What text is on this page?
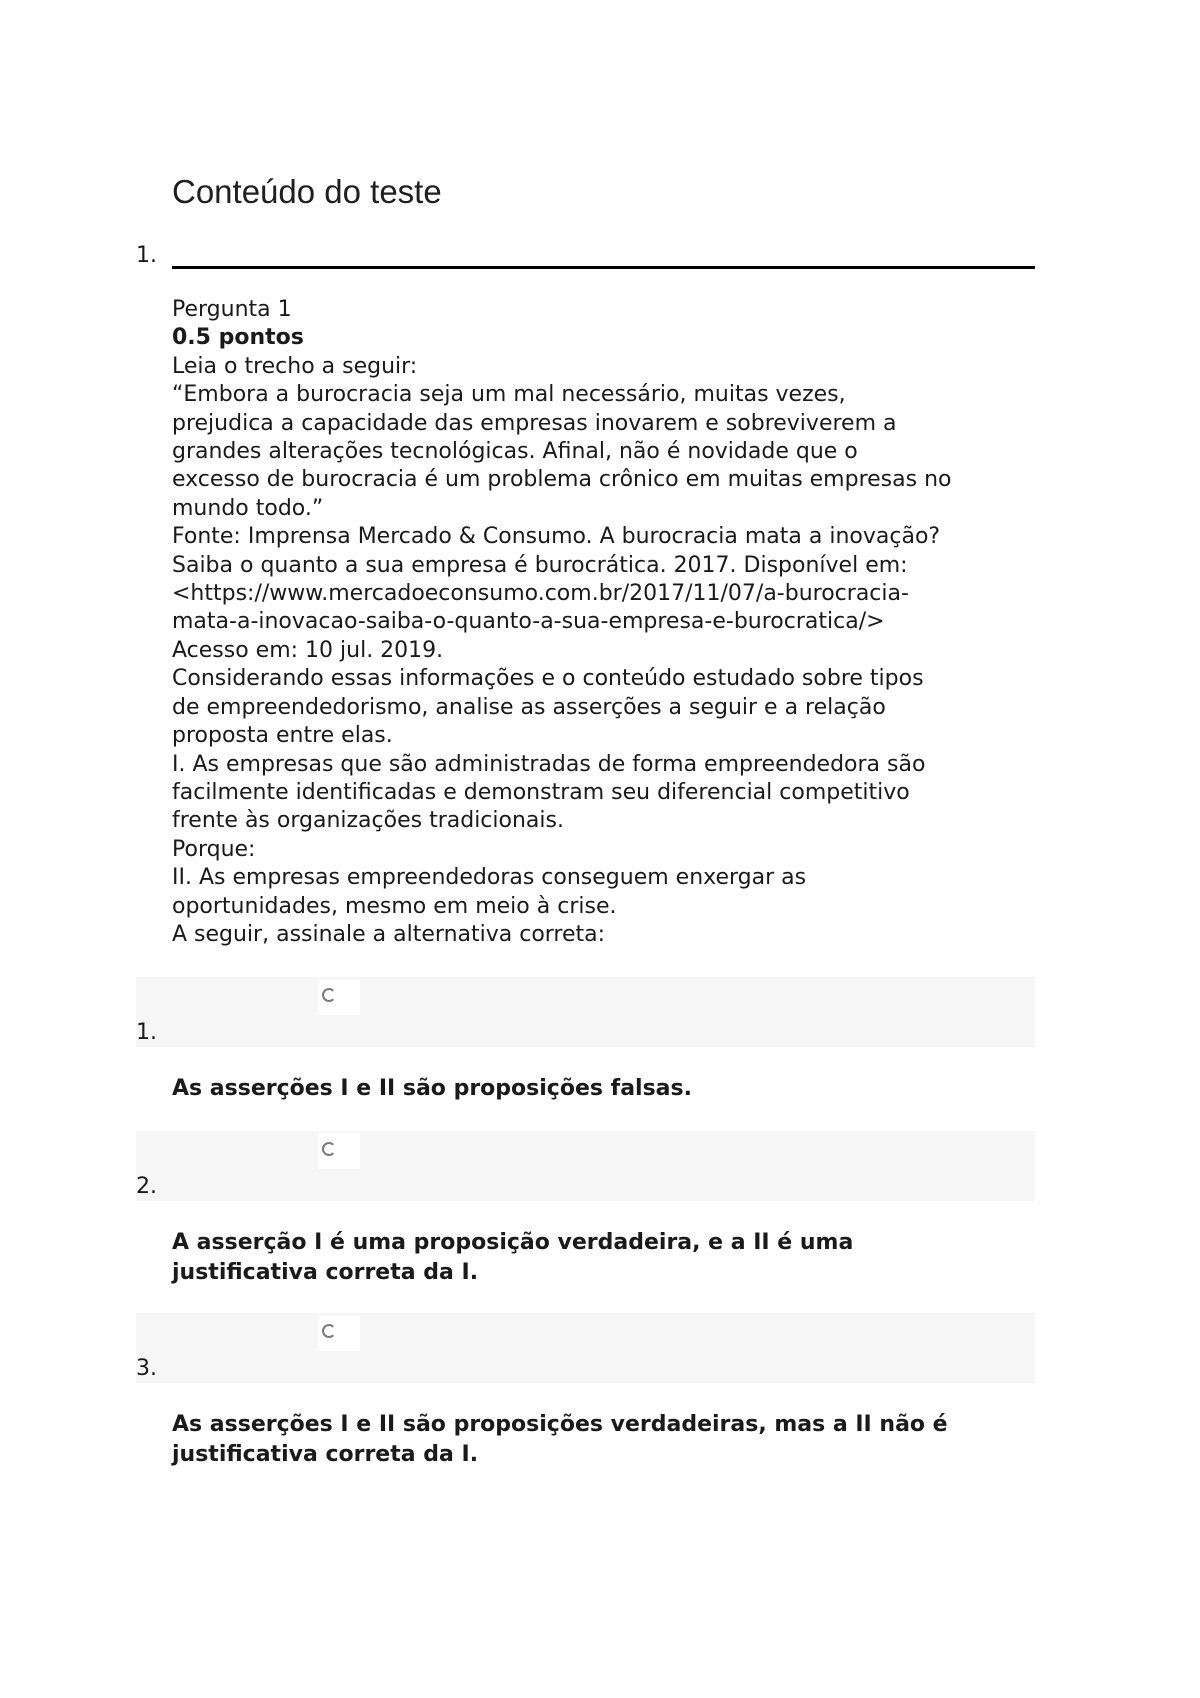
Conteúdo do teste
1.
Pergunta 1
0.5 pontos
Leia o trecho a seguir:
“Embora a burocracia seja um mal necessário, muitas vezes,
prejudica a capacidade das empresas inovarem e sobreviverem a
grandes alterações tecnológicas. Afinal, não é novidade que o
excesso de burocracia é um problema crônico em muitas empresas no
mundo todo.”
Fonte: Imprensa Mercado & Consumo. A burocracia mata a inovação?
Saiba o quanto a sua empresa é burocrática. 2017. Disponível em:
<https://www.mercadoeconsumo.com.br/2017/11/07/a-burocracia-
mata-a-inovacao-saiba-o-quanto-a-sua-empresa-e-burocratica/>
Acesso em: 10 jul. 2019.
Considerando essas informações e o conteúdo estudado sobre tipos
de empreendedorismo, analise as asserções a seguir e a relação
proposta entre elas.
I. As empresas que são administradas de forma empreendedora são
facilmente identificadas e demonstram seu diferencial competitivo
frente às organizações tradicionais.
Porque:
II. As empresas empreendedoras conseguem enxergar as
oportunidades, mesmo em meio à crise.
A seguir, assinale a alternativa correta:
1.
As asserções I e II são proposições falsas.
2.
A asserção I é uma proposição verdadeira, e a II é uma
justificativa correta da I.
3.
As asserções I e II são proposições verdadeiras, mas a II não é
justificativa correta da I.
